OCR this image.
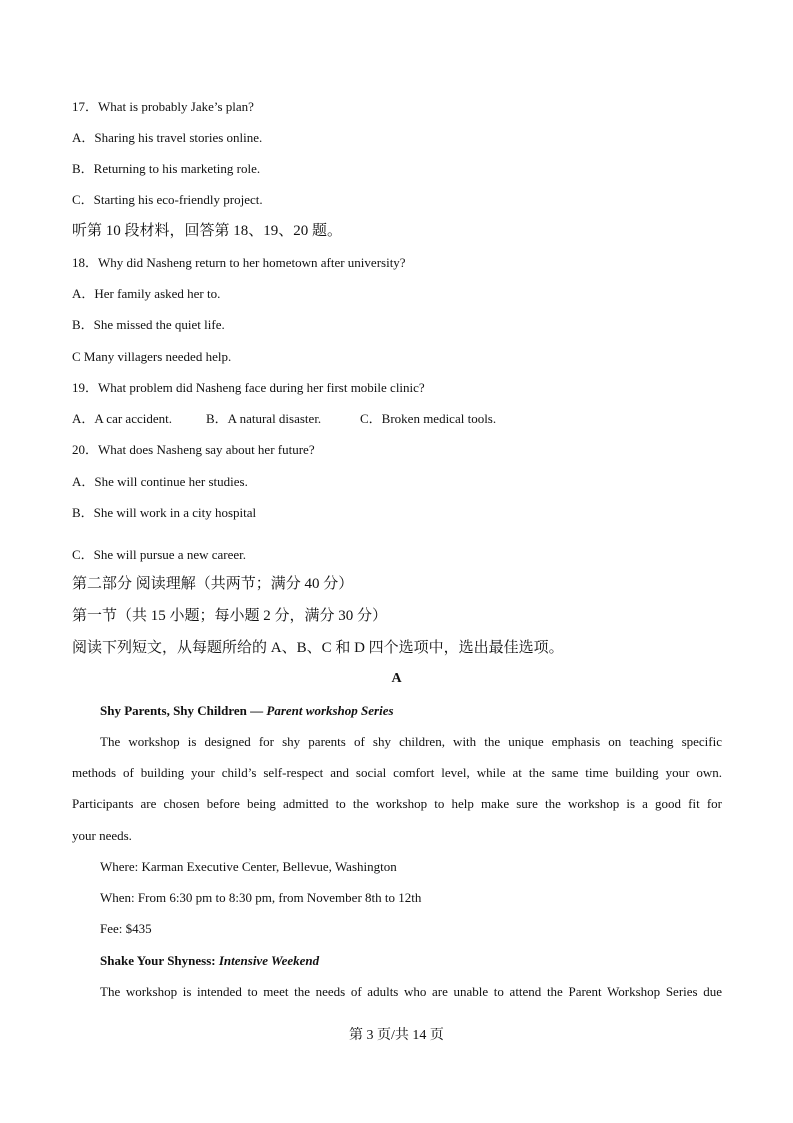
17．What is probably Jake’s plan?
A．Sharing his travel stories online.
B．Returning to his marketing role.
C．Starting his eco-friendly project.
听第 10 段材料，回答第 18、19、20 题。
18．Why did Nasheng return to her hometown after university?
A．Her family asked her to.
B．She missed the quiet life.
C Many villagers needed help.
19．What problem did Nasheng face during her first mobile clinic?
A．A car accident.	B．A natural disaster.	C．Broken medical tools.
20．What does Nasheng say about her future?
A．She will continue her studies.
B．She will work in a city hospital
C．She will pursue a new career.
第二部分 阅读理解（共两节；满分 40 分）
第一节（共 15 小题；每小题 2 分，满分 30 分）
阅读下列短文，从每题所给的 A、B、C 和 D 四个选项中，选出最佳选项。
A
Shy Parents, Shy Children — Parent workshop Series
The workshop is designed for shy parents of shy children, with the unique emphasis on teaching specific
methods of building your child’s self-respect and social comfort level, while at the same time building your own.
Participants are chosen before being admitted to the workshop to help make sure the workshop is a good fit for
your needs.
Where: Karman Executive Center, Bellevue, Washington
When: From 6:30 pm to 8:30 pm, from November 8th to 12th
Fee: $435
Shake Your Shyness: Intensive Weekend
The workshop is intended to meet the needs of adults who are unable to attend the Parent Workshop Series due
第 3 页/共 14 页
